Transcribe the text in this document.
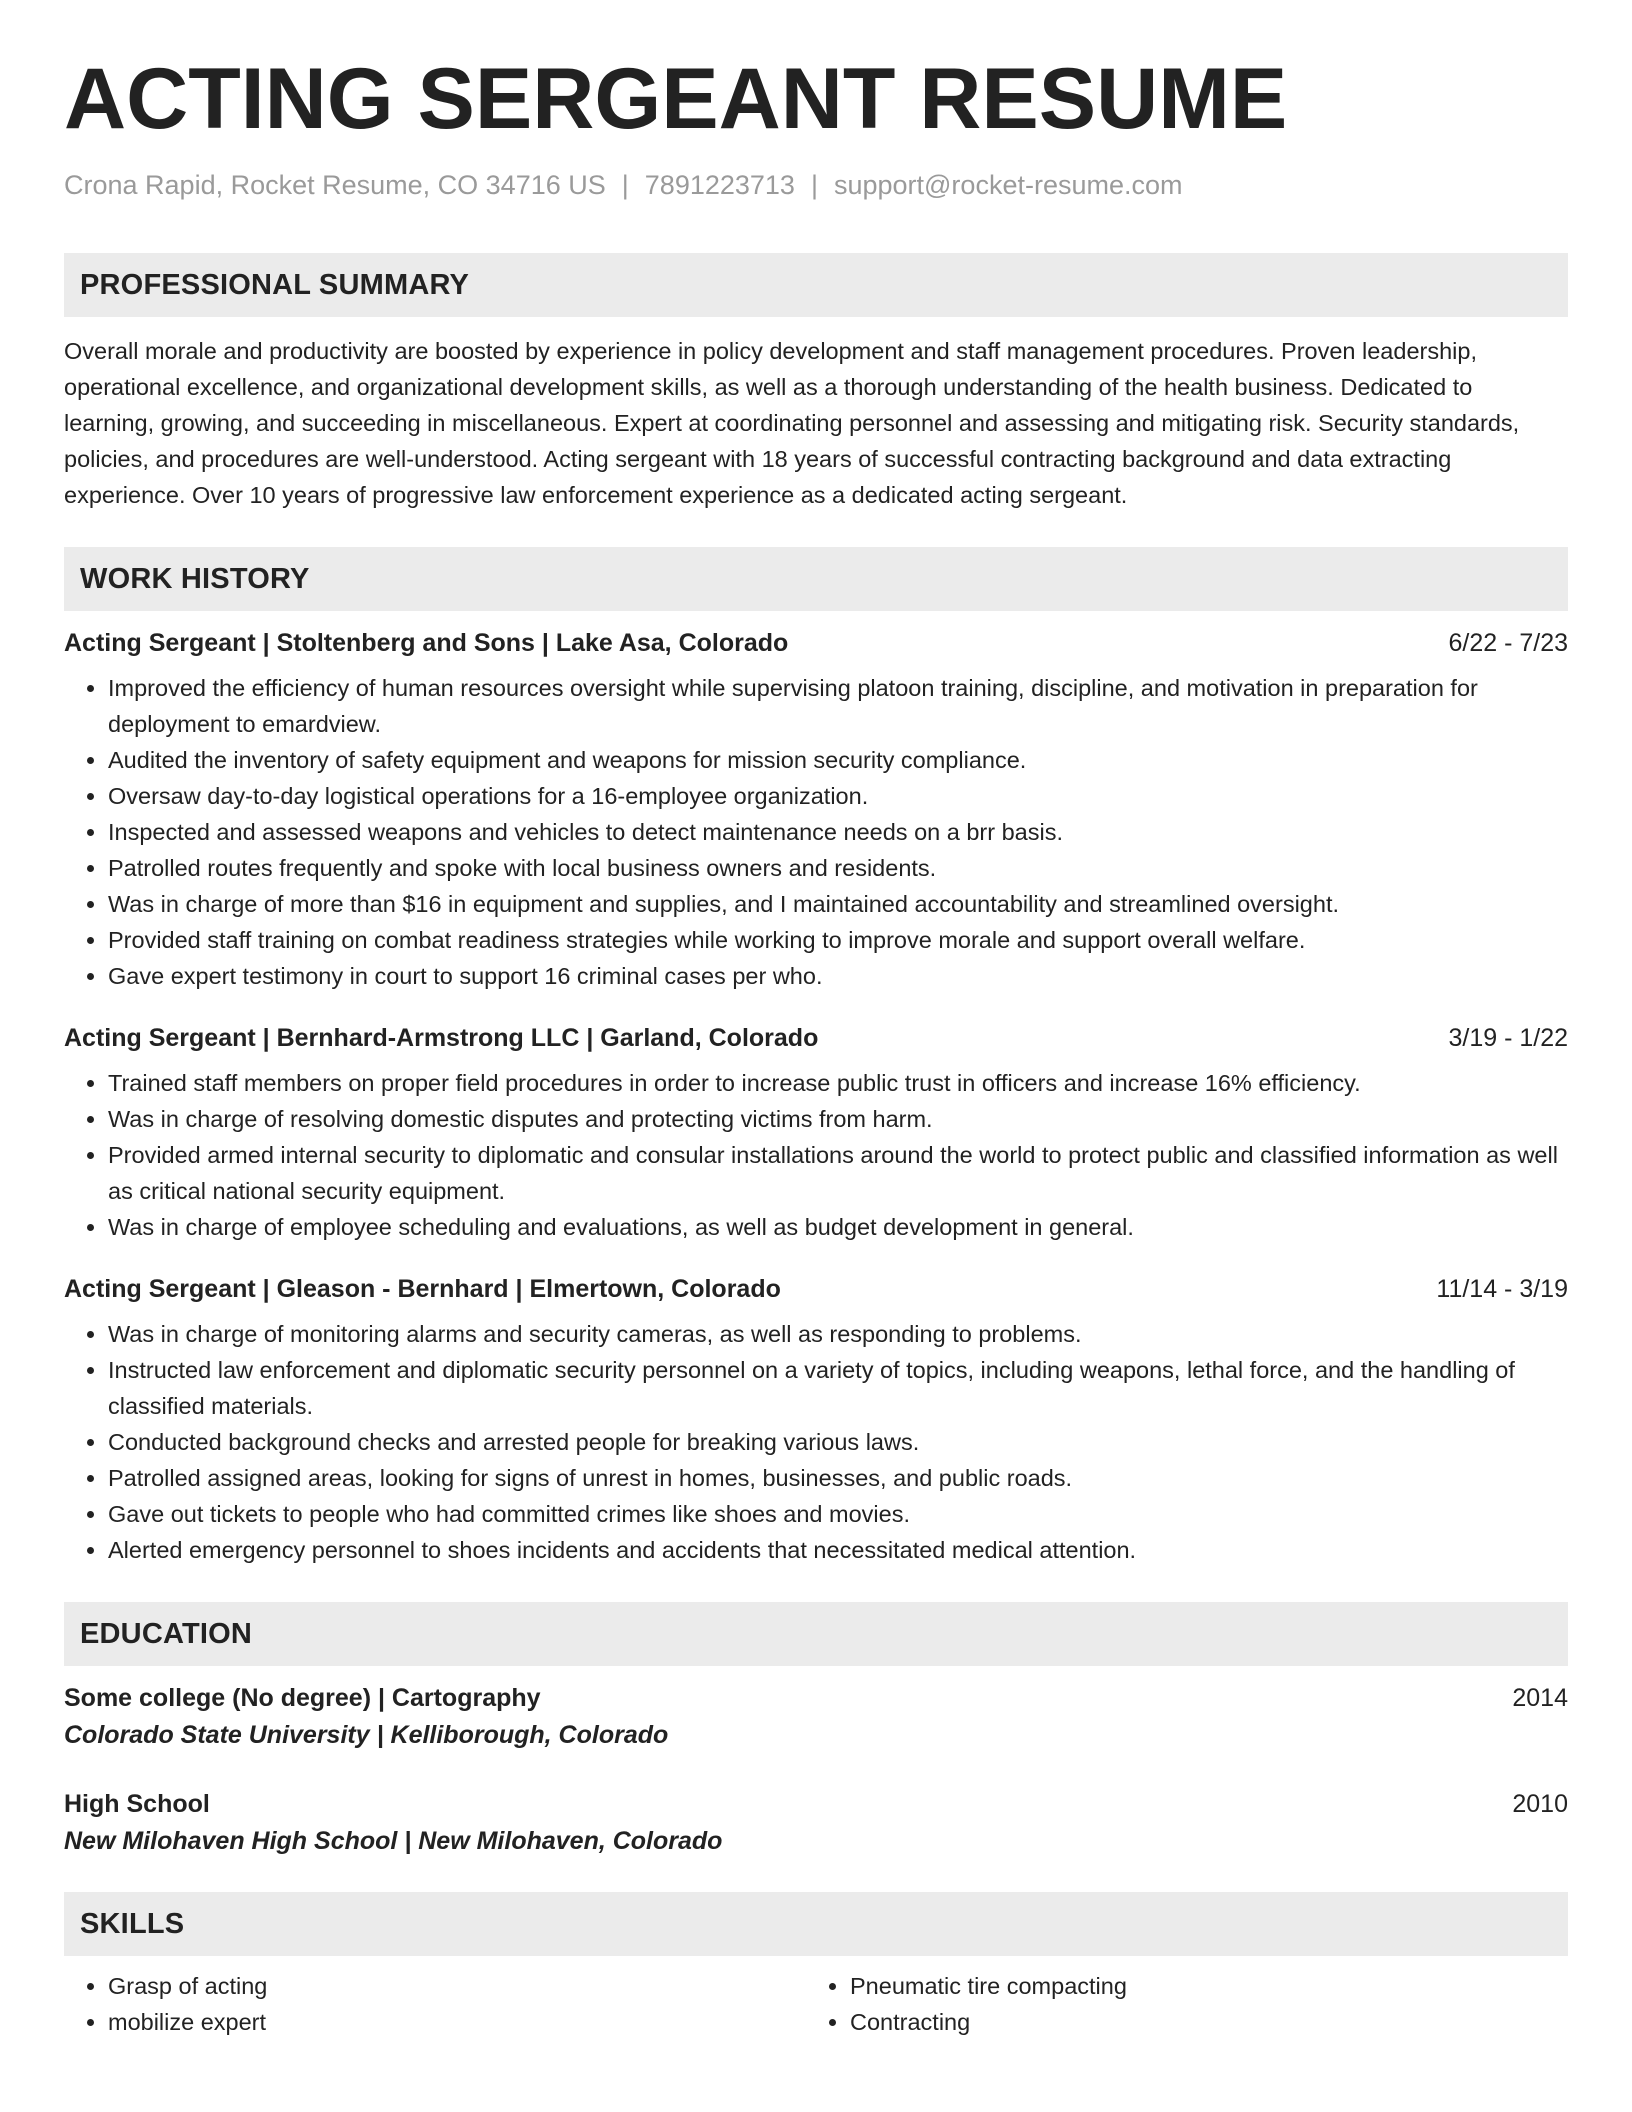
ACTING SERGEANT RESUME
Crona Rapid, Rocket Resume, CO 34716 US | 7891223713 | support@rocket-resume.com
PROFESSIONAL SUMMARY
Overall morale and productivity are boosted by experience in policy development and staff management procedures. Proven leadership, operational excellence, and organizational development skills, as well as a thorough understanding of the health business. Dedicated to learning, growing, and succeeding in miscellaneous. Expert at coordinating personnel and assessing and mitigating risk. Security standards, policies, and procedures are well-understood. Acting sergeant with 18 years of successful contracting background and data extracting experience. Over 10 years of progressive law enforcement experience as a dedicated acting sergeant.
WORK HISTORY
Acting Sergeant | Stoltenberg and Sons | Lake Asa, Colorado	6/22 - 7/23
• Improved the efficiency of human resources oversight while supervising platoon training, discipline, and motivation in preparation for deployment to emardview.
• Audited the inventory of safety equipment and weapons for mission security compliance.
• Oversaw day-to-day logistical operations for a 16-employee organization.
• Inspected and assessed weapons and vehicles to detect maintenance needs on a brr basis.
• Patrolled routes frequently and spoke with local business owners and residents.
• Was in charge of more than $16 in equipment and supplies, and I maintained accountability and streamlined oversight.
• Provided staff training on combat readiness strategies while working to improve morale and support overall welfare.
• Gave expert testimony in court to support 16 criminal cases per who.
Acting Sergeant | Bernhard-Armstrong LLC | Garland, Colorado	3/19 - 1/22
• Trained staff members on proper field procedures in order to increase public trust in officers and increase 16% efficiency.
• Was in charge of resolving domestic disputes and protecting victims from harm.
• Provided armed internal security to diplomatic and consular installations around the world to protect public and classified information as well as critical national security equipment.
• Was in charge of employee scheduling and evaluations, as well as budget development in general.
Acting Sergeant | Gleason - Bernhard | Elmertown, Colorado	11/14 - 3/19
• Was in charge of monitoring alarms and security cameras, as well as responding to problems.
• Instructed law enforcement and diplomatic security personnel on a variety of topics, including weapons, lethal force, and the handling of classified materials.
• Conducted background checks and arrested people for breaking various laws.
• Patrolled assigned areas, looking for signs of unrest in homes, businesses, and public roads.
• Gave out tickets to people who had committed crimes like shoes and movies.
• Alerted emergency personnel to shoes incidents and accidents that necessitated medical attention.
EDUCATION
Some college (No degree) | Cartography	2014
Colorado State University | Kelliborough, Colorado
High School	2010
New Milohaven High School | New Milohaven, Colorado
SKILLS
• Grasp of acting
• mobilize expert
• Pneumatic tire compacting
• Contracting
